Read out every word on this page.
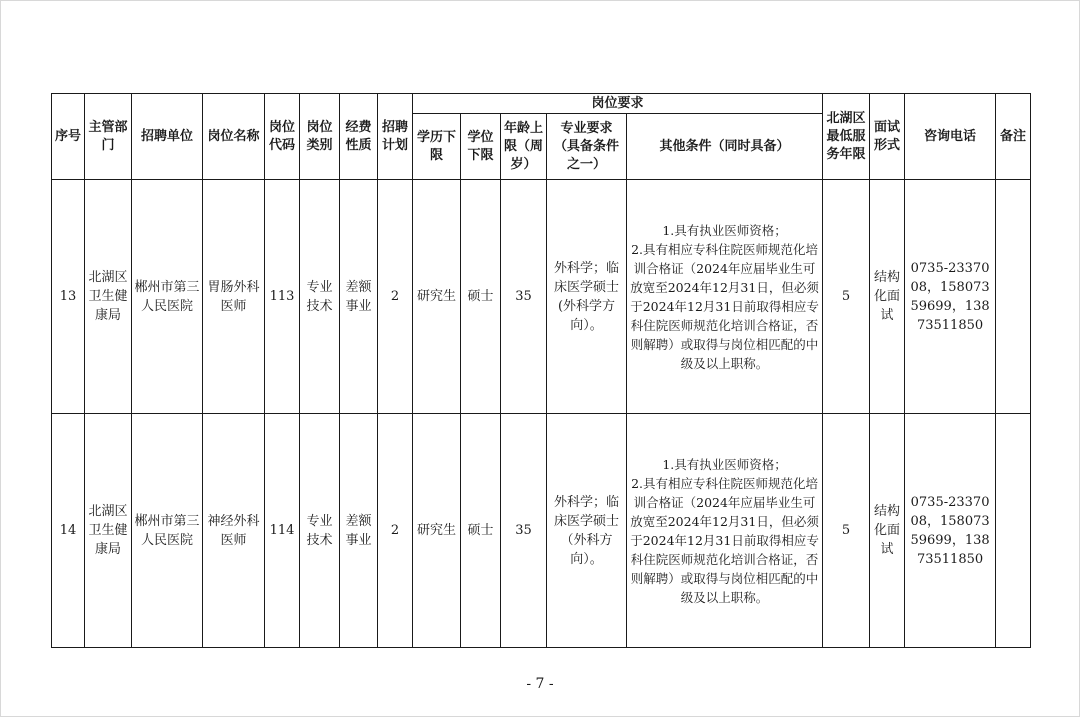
序号	主管部门	招聘单位	岗位名称	岗位代码	岗位类别	经费性质	招聘计划	岗位要求					北湖区最低服务年限	面试形式	咨询电话	备注
								学历下限	学位下限	年龄上限（周岁）	专业要求（具备条件之一）	其他条件（同时具备）				
13	北湖区卫生健康局	郴州市第三人民医院	胃肠外科医师	113	专业技术	差额事业	2	研究生	硕士	35	外科学；临床医学硕士(外科学方向）。	1.具有执业医师资格；
2.具有相应专科住院医师规范化培训合格证（2024年应届毕业生可放宽至2024年12月31日，但必须于2024年12月31日前取得相应专科住院医师规范化培训合格证，否则解聘）或取得与岗位相匹配的中级及以上职称。	5	结构化面试	0735-2337008，15807359699，13873511850	
14	北湖区卫生健康局	郴州市第三人民医院	神经外科医师	114	专业技术	差额事业	2	研究生	硕士	35	外科学；临床医学硕士（外科方向）。	1.具有执业医师资格；
2.具有相应专科住院医师规范化培训合格证（2024年应届毕业生可放宽至2024年12月31日，但必须于2024年12月31日前取得相应专科住院医师规范化培训合格证，否则解聘）或取得与岗位相匹配的中级及以上职称。	5	结构化面试	0735-2337008，15807359699，13873511850	
- 7 -
